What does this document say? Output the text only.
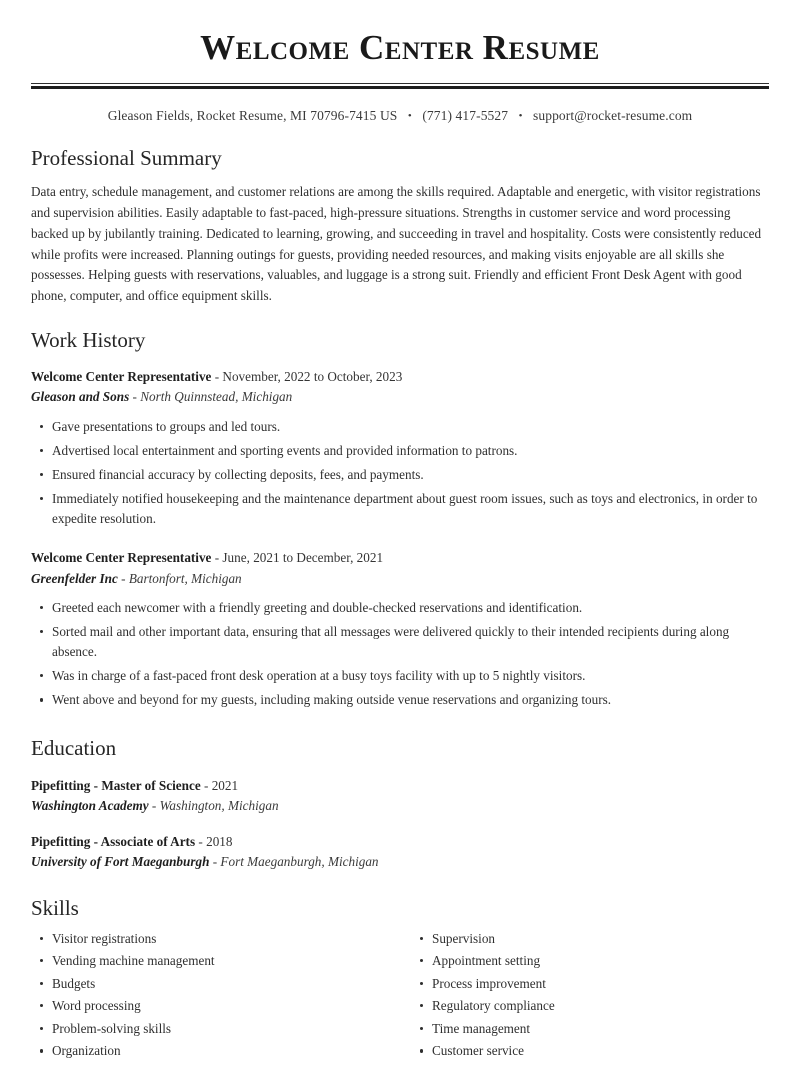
Welcome Center Resume
Gleason Fields, Rocket Resume, MI 70796-7415 US • (771) 417-5527 • support@rocket-resume.com
Professional Summary

Data entry, schedule management, and customer relations are among the skills required. Adaptable and energetic, with visitor registrations and supervision abilities. Easily adaptable to fast-paced, high-pressure situations. Strengths in customer service and word processing backed up by jubilantly training. Dedicated to learning, growing, and succeeding in travel and hospitality. Costs were consistently reduced while profits were increased. Planning outings for guests, providing needed resources, and making visits enjoyable are all skills she possesses. Helping guests with reservations, valuables, and luggage is a strong suit. Friendly and efficient Front Desk Agent with good phone, computer, and office equipment skills.

Work History
Welcome Center Representative - November, 2022 to October, 2023
Gleason and Sons - North Quinnstead, Michigan
Gave presentations to groups and led tours.
Advertised local entertainment and sporting events and provided information to patrons.
Ensured financial accuracy by collecting deposits, fees, and payments.
Immediately notified housekeeping and the maintenance department about guest room issues, such as toys and electronics, in order to expedite resolution.
Welcome Center Representative - June, 2021 to December, 2021
Greenfelder Inc - Bartonfort, Michigan
Greeted each newcomer with a friendly greeting and double-checked reservations and identification.
Sorted mail and other important data, ensuring that all messages were delivered quickly to their intended recipients during along absence.
Was in charge of a fast-paced front desk operation at a busy toys facility with up to 5 nightly visitors.
Went above and beyond for my guests, including making outside venue reservations and organizing tours.
Education
Pipefitting - Master of Science - 2021
Washington Academy - Washington, Michigan
Pipefitting - Associate of Arts - 2018
University of Fort Maeganburgh - Fort Maeganburgh, Michigan
Skills
Visitor registrations
Vending machine management
Budgets
Word processing
Problem-solving skills
Organization
Supervision
Appointment setting
Process improvement
Regulatory compliance
Time management
Customer service
